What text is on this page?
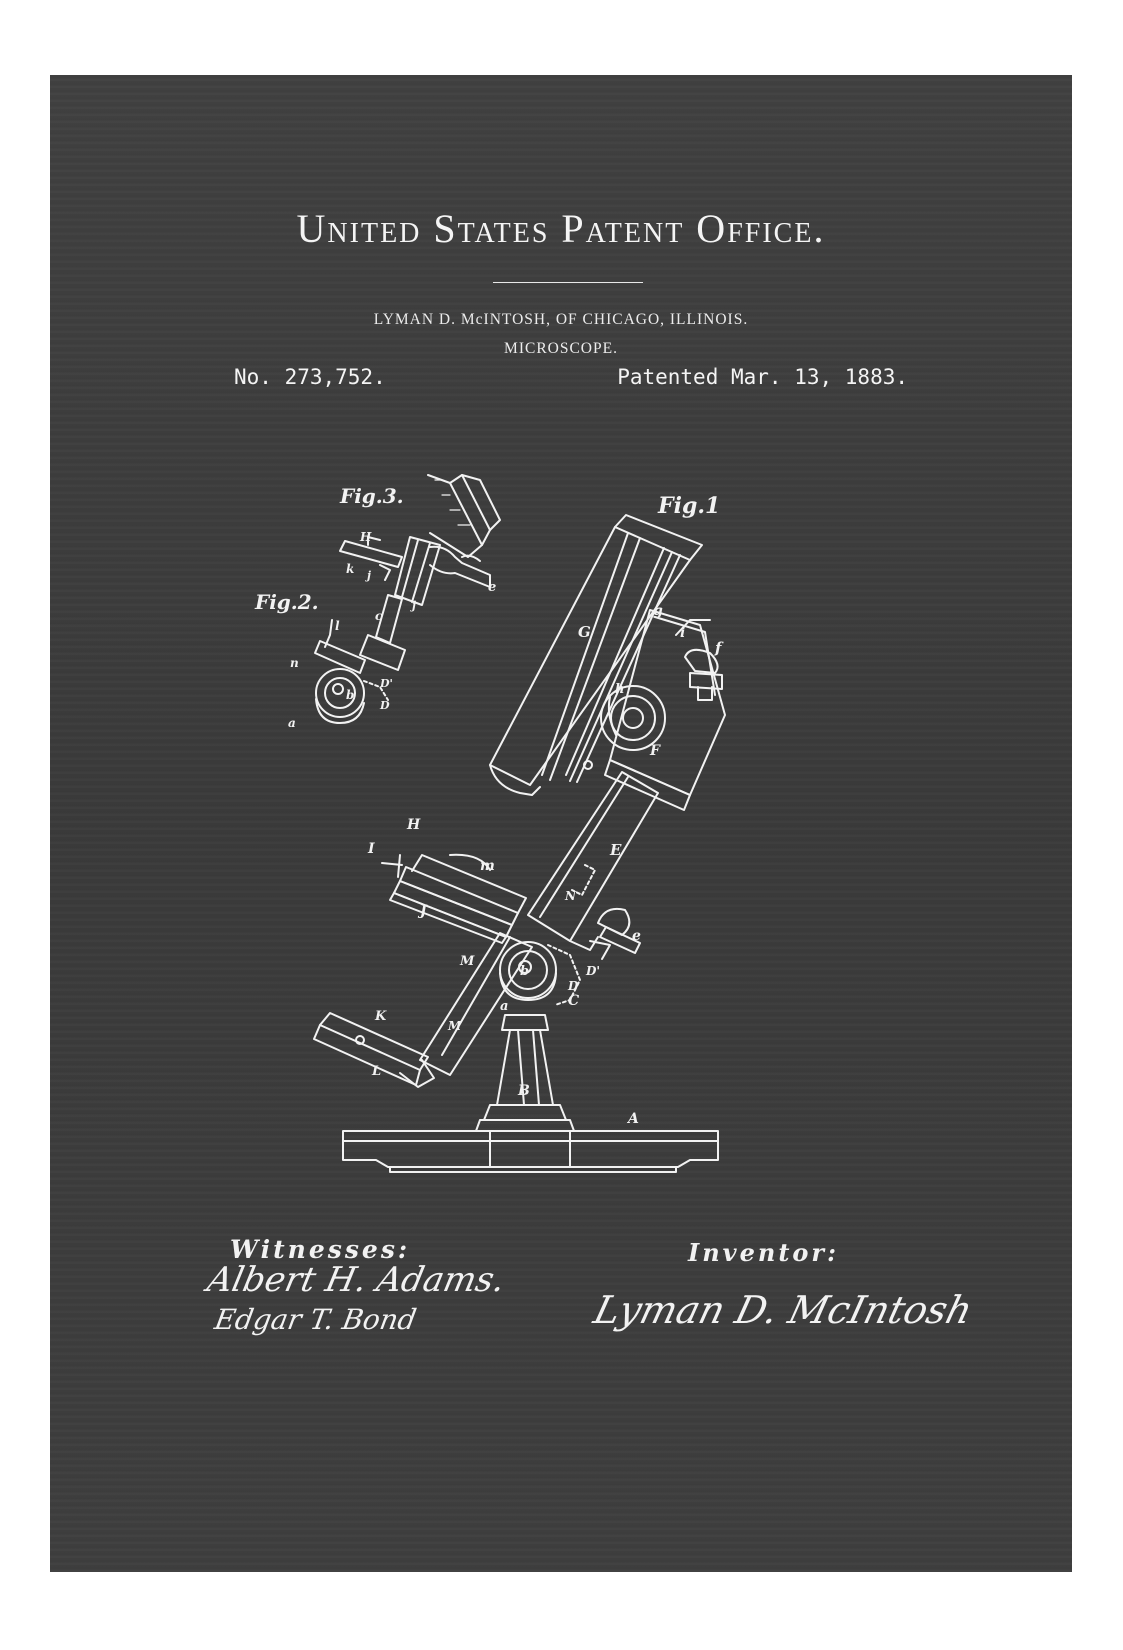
United States Patent Office.
LYMAN D. McINTOSH, OF CHICAGO, ILLINOIS.
MICROSCOPE.
No. 273,752.	Patented Mar. 13, 1883.
Fig.1
Fig.2.
Fig.3.
G
g
i
f
h
F
E
e
H
I
m
J
N
M
b	D'
D
C
a
K
M
L
B
A
H
k j
e
j
l
c
n
b
D'
D
a
Witnesses:
Albert H. Adams.
Edgar T. Bond
Inventor:
Lyman D. McIntosh
